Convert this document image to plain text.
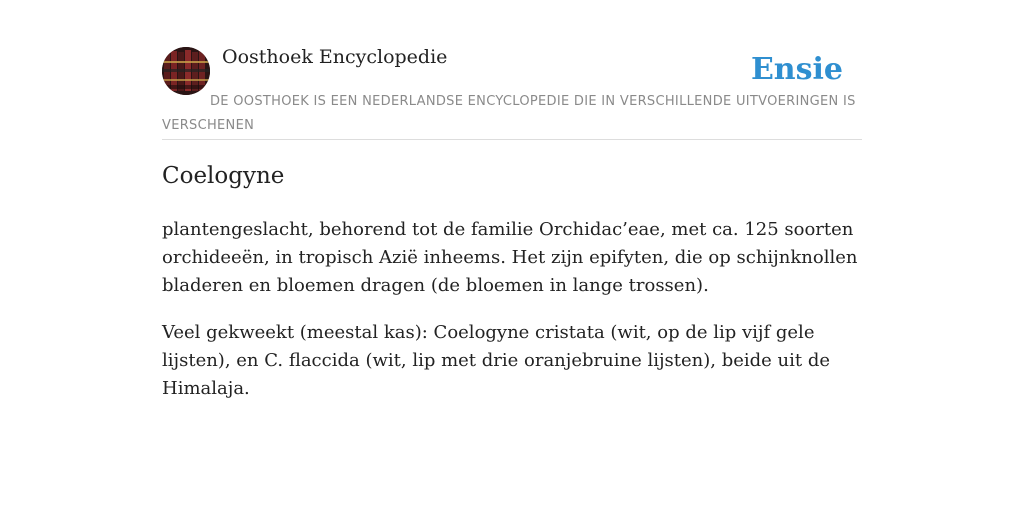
Oosthoek Encyclopedie	Ensie
DE OOSTHOEK IS EEN NEDERLANDSE ENCYCLOPEDIE DIE IN VERSCHILLENDE UITVOERINGEN IS VERSCHENEN
Coelogyne

plantengeslacht, behorend tot de familie Orchidac’eae, met ca. 125 soorten orchideeën, in tropisch Azië inheems. Het zijn epifyten, die op schijnknollen bladeren en bloemen dragen (de bloemen in lange trossen).

Veel gekweekt (meestal kas): Coelogyne cristata (wit, op de lip vijf gele lijsten), en C. flaccida (wit, lip met drie oranjebruine lijsten), beide uit de Himalaja.
